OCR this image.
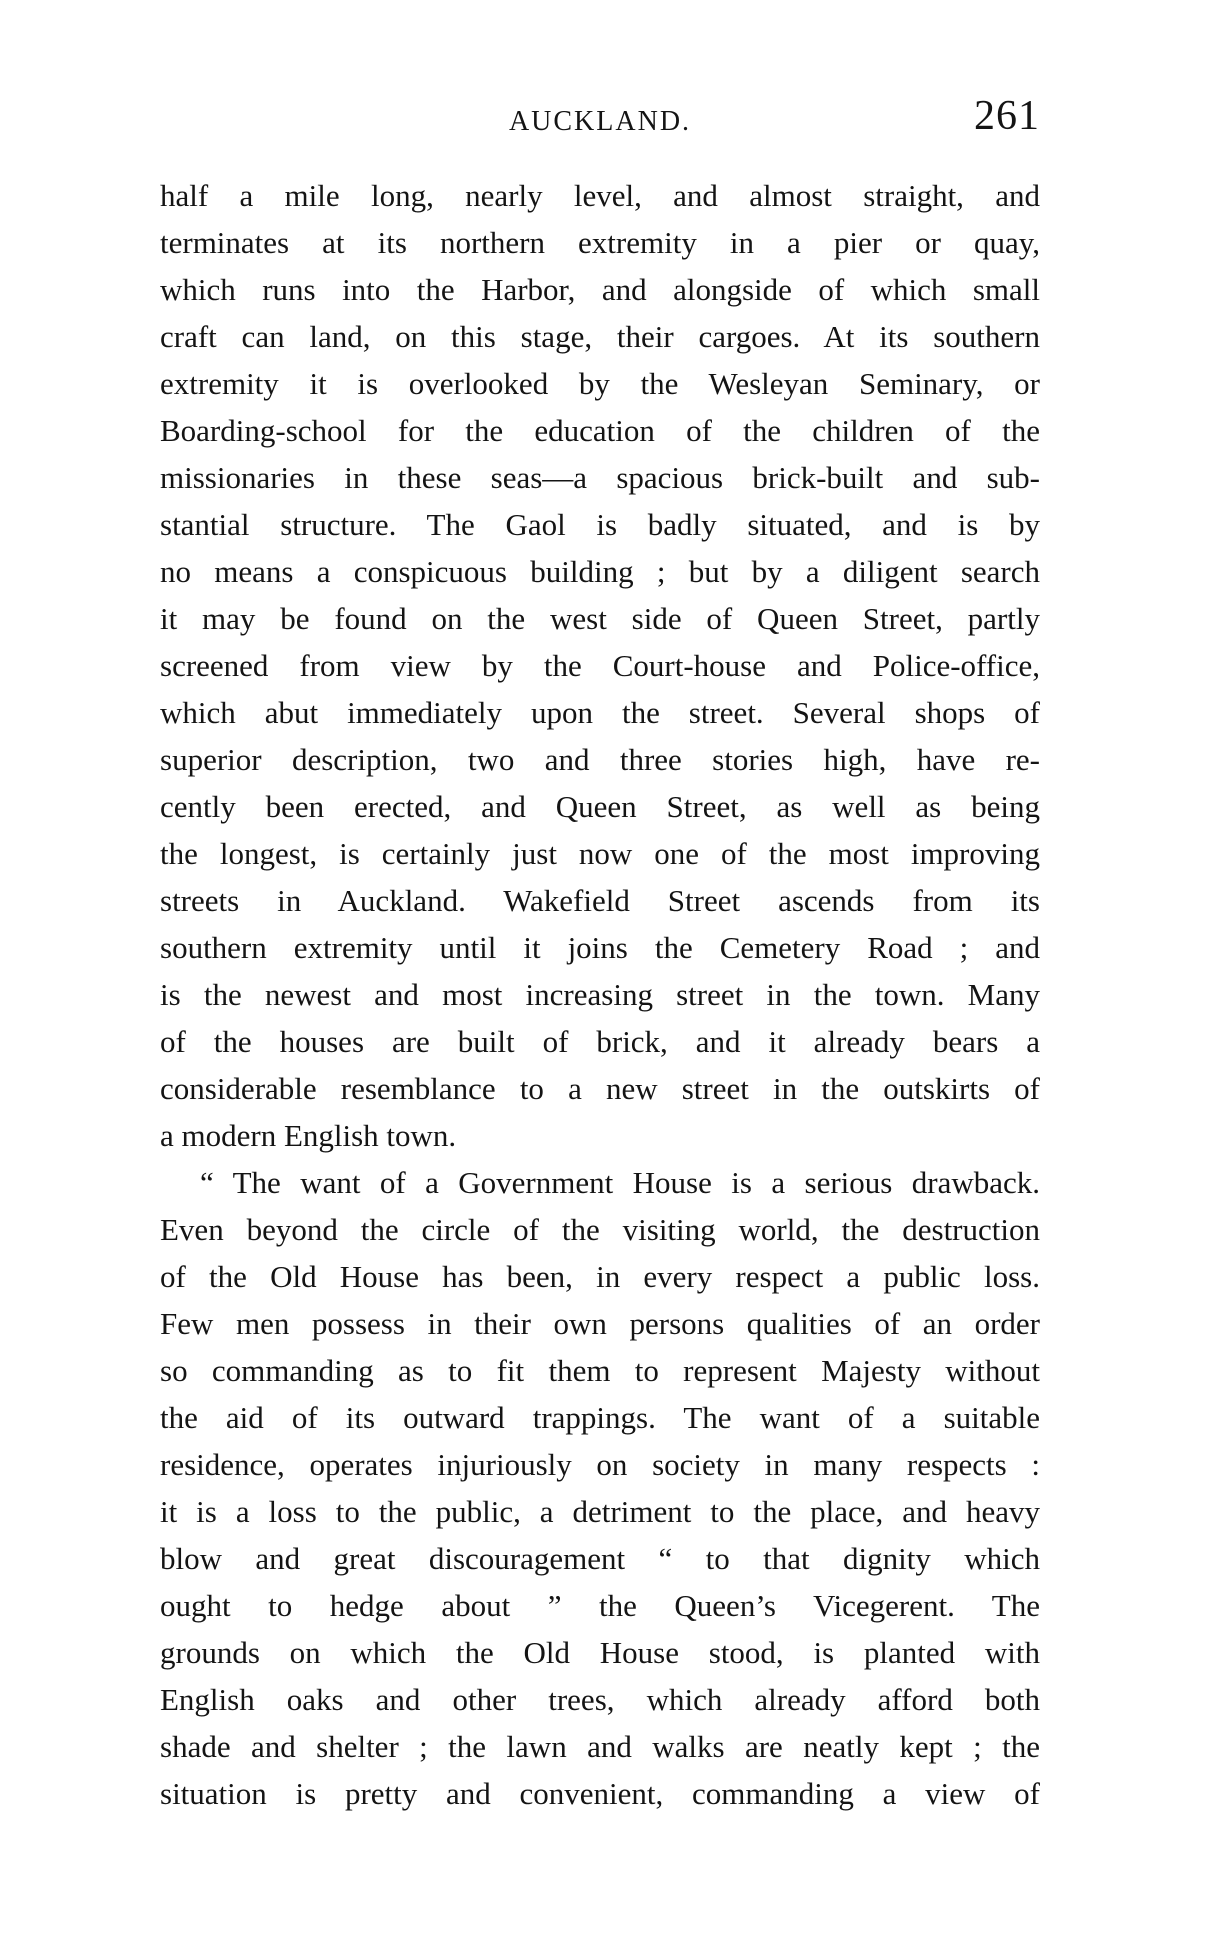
AUCKLAND.	261
half a mile long, nearly level, and almost straight, and
terminates at its northern extremity in a pier or quay,
which runs into the Harbor, and alongside of which small
craft can land, on this stage, their cargoes. At its southern
extremity it is overlooked by the Wesleyan Seminary, or
Boarding-school for the education of the children of the
missionaries in these seas—a spacious brick-built and sub-
stantial structure. The Gaol is badly situated, and is by
no means a conspicuous building ; but by a diligent search
it may be found on the west side of Queen Street, partly
screened from view by the Court-house and Police-office,
which abut immediately upon the street. Several shops of
superior description, two and three stories high, have re-
cently been erected, and Queen Street, as well as being
the longest, is certainly just now one of the most improving
streets in Auckland. Wakefield Street ascends from its
southern extremity until it joins the Cemetery Road ; and
is the newest and most increasing street in the town. Many
of the houses are built of brick, and it already bears a
considerable resemblance to a new street in the outskirts of
a modern English town.
“ The want of a Government House is a serious drawback.
Even beyond the circle of the visiting world, the destruction
of the Old House has been, in every respect a public loss.
Few men possess in their own persons qualities of an order
so commanding as to fit them to represent Majesty without
the aid of its outward trappings. The want of a suitable
residence, operates injuriously on society in many respects :
it is a loss to the public, a detriment to the place, and heavy
blow and great discouragement “ to that dignity which
ought to hedge about ” the Queen’s Vicegerent. The
grounds on which the Old House stood, is planted with
English oaks and other trees, which already afford both
shade and shelter ; the lawn and walks are neatly kept ; the
situation is pretty and convenient, commanding a view of
